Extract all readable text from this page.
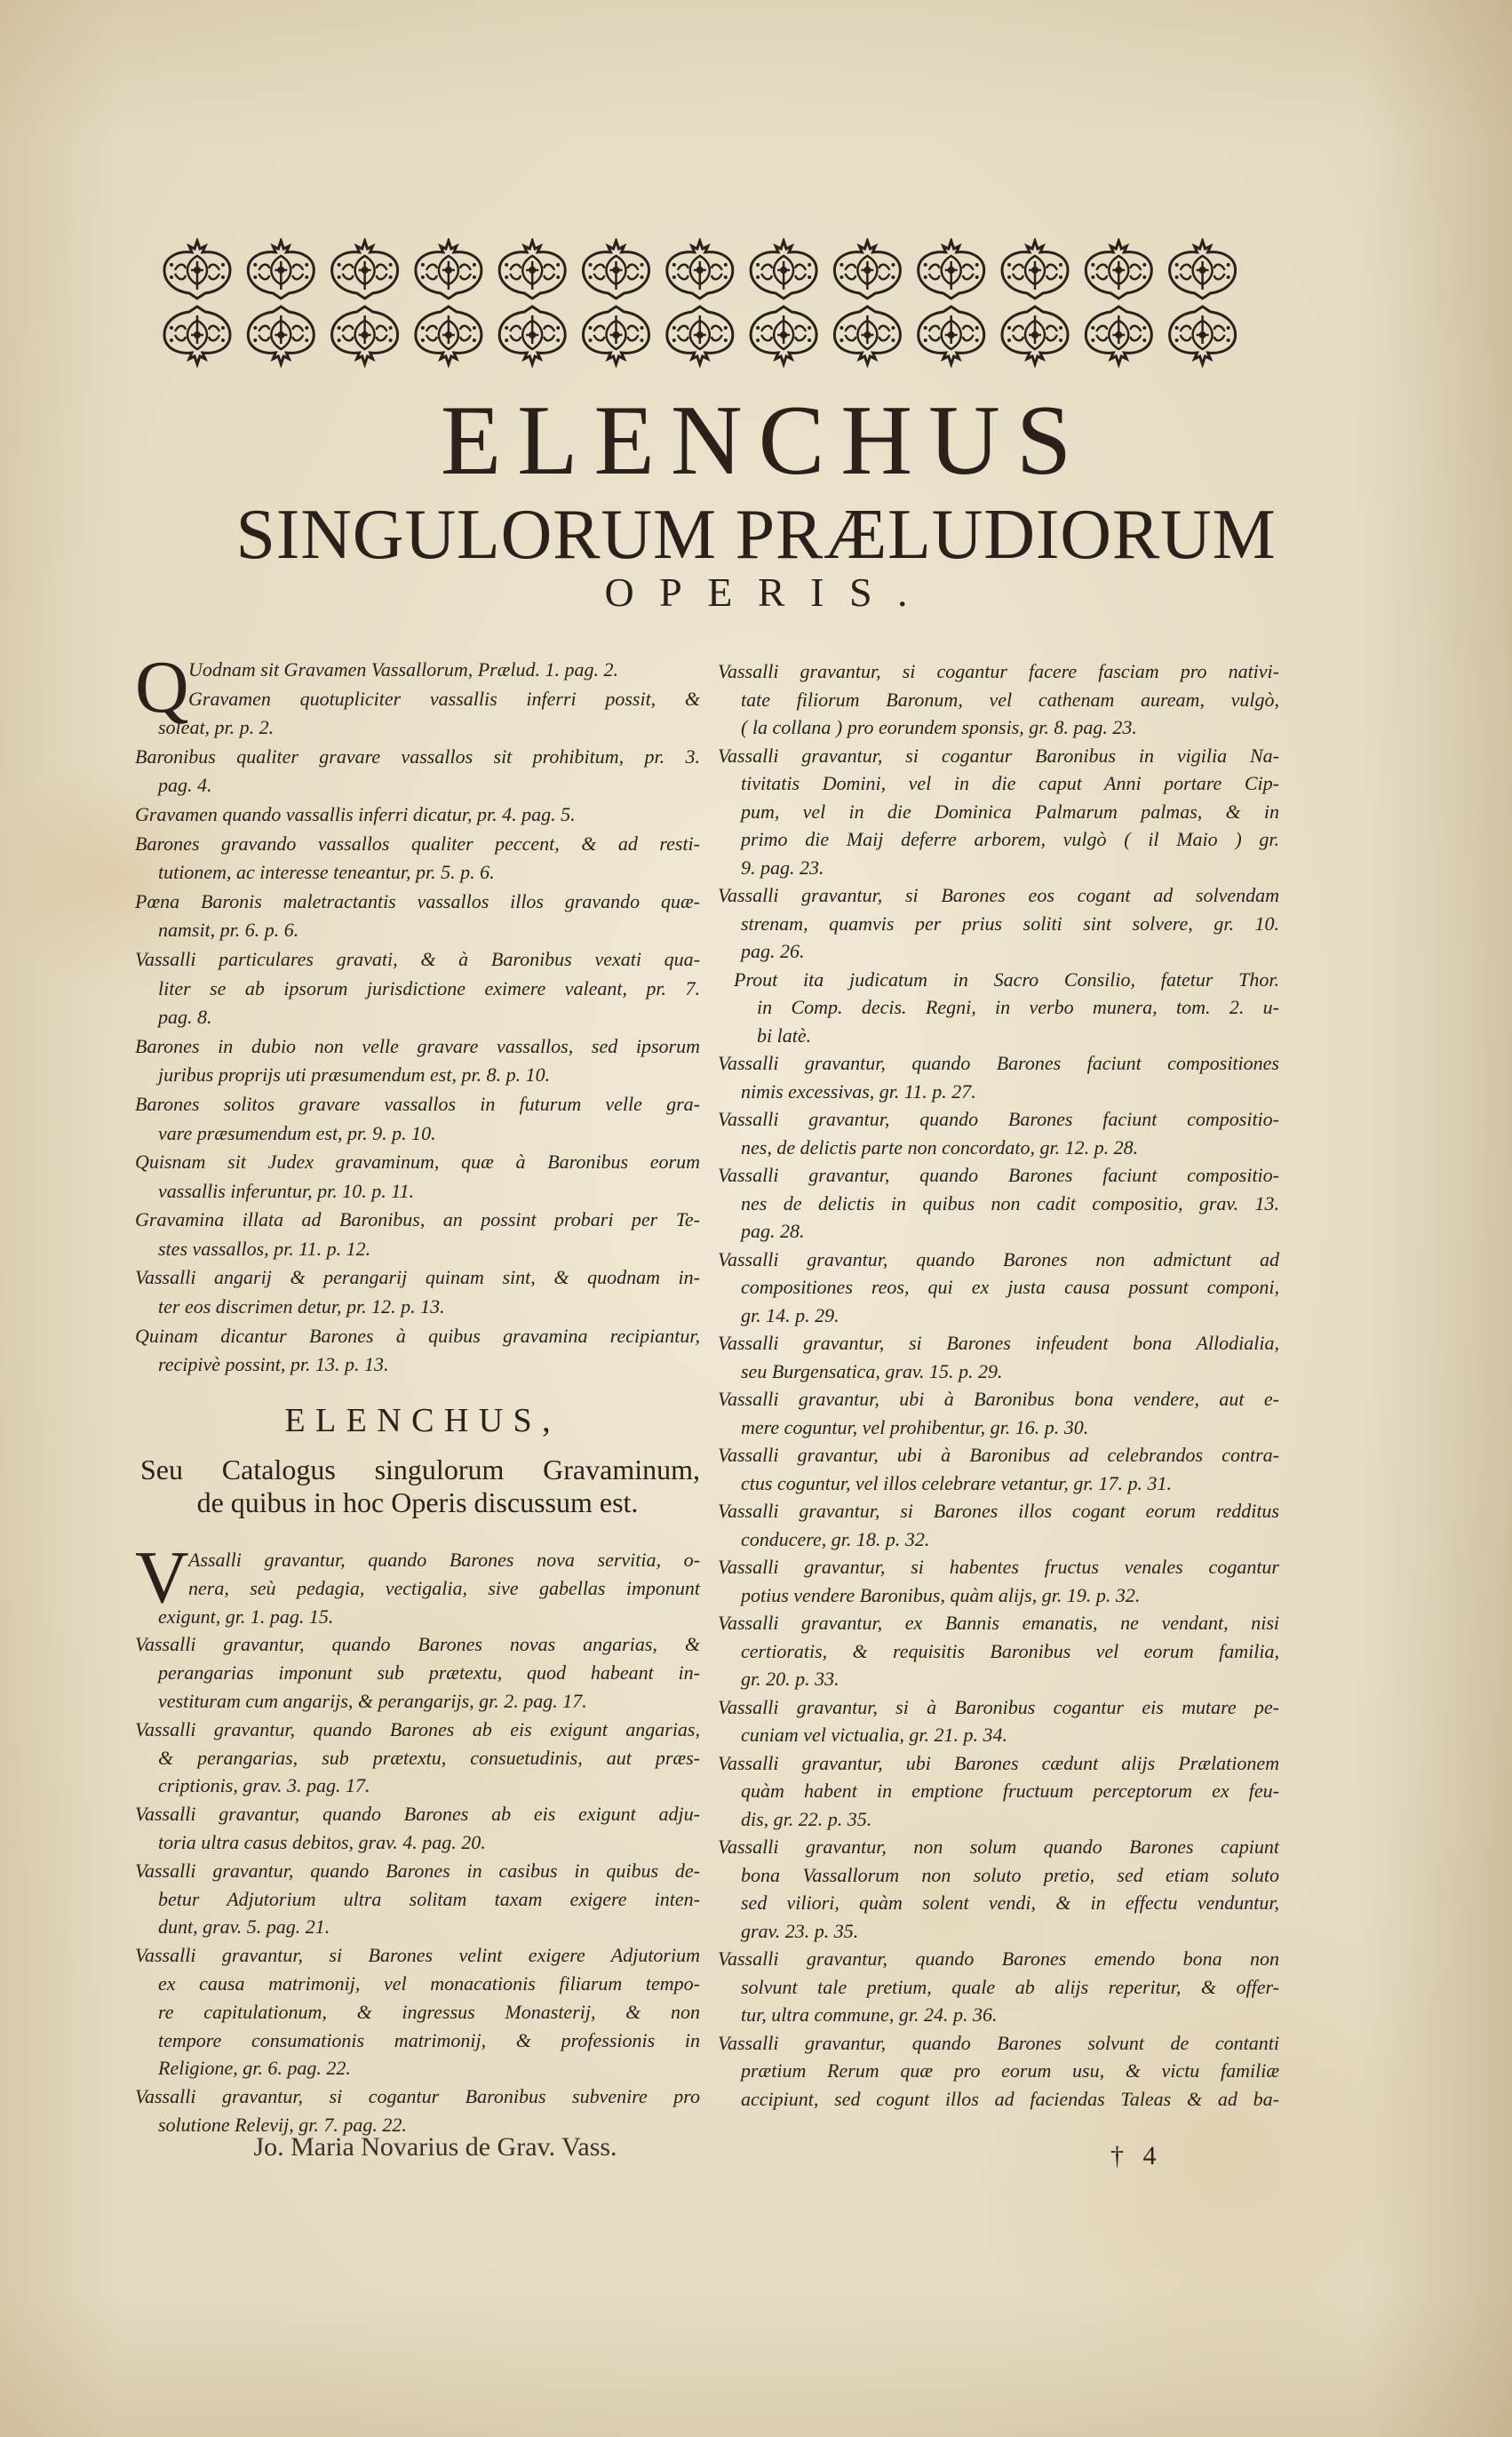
ELENCHUS
SINGULORUM PRÆLUDIORUM
OPERIS.
Q Uodnam sit Gravamen Vassallorum, Prælud. 1. pag. 2.
Gravamen quotupliciter vassallis inferri possit, &
soleat, pr. p. 2.
Baronibus qualiter gravare vassallos sit prohibitum, pr. 3.
pag. 4.
Gravamen quando vassallis inferri dicatur, pr. 4. pag. 5.
Barones gravando vassallos qualiter peccent, & ad resti-
tutionem, ac interesse teneantur, pr. 5. p. 6.
Pœna Baronis maletractantis vassallos illos gravando quæ-
namsit, pr. 6. p. 6.
Vassalli particulares gravati, & à Baronibus vexati qua-
liter se ab ipsorum jurisdictione eximere valeant, pr. 7.
pag. 8.
Barones in dubio non velle gravare vassallos, sed ipsorum
juribus proprijs uti præsumendum est, pr. 8. p. 10.
Barones solitos gravare vassallos in futurum velle gra-
vare præsumendum est, pr. 9. p. 10.
Quisnam sit Judex gravaminum, quæ à Baronibus eorum
vassallis inferuntur, pr. 10. p. 11.
Gravamina illata ad Baronibus, an possint probari per Te-
stes vassallos, pr. 11. p. 12.
Vassalli angarij & perangarij quinam sint, & quodnam in-
ter eos discrimen detur, pr. 12. p. 13.
Quinam dicantur Barones à quibus gravamina recipiantur,
recipivè possint, pr. 13. p. 13.
ELENCHUS,
Seu Catalogus singulorum Gravaminum,
de quibus in hoc Operis discussum est.
V Assalli gravantur, quando Barones nova servitia, o-
nera, seù pedagia, vectigalia, sive gabellas imponunt
exigunt, gr. 1. pag. 15.
Vassalli gravantur, quando Barones novas angarias, &
perangarias imponunt sub prætextu, quod habeant in-
vestituram cum angarijs, & perangarijs, gr. 2. pag. 17.
Vassalli gravantur, quando Barones ab eis exigunt angarias,
& perangarias, sub prætextu, consuetudinis, aut præs-
criptionis, grav. 3. pag. 17.
Vassalli gravantur, quando Barones ab eis exigunt adju-
toria ultra casus debitos, grav. 4. pag. 20.
Vassalli gravantur, quando Barones in casibus in quibus de-
betur Adjutorium ultra solitam taxam exigere inten-
dunt, grav. 5. pag. 21.
Vassalli gravantur, si Barones velint exigere Adjutorium
ex causa matrimonij, vel monacationis filiarum tempo-
re capitulationum, & ingressus Monasterij, & non
tempore consumationis matrimonij, & professionis in
Religione, gr. 6. pag. 22.
Vassalli gravantur, si cogantur Baronibus subvenire pro
solutione Relevij, gr. 7. pag. 22.
Jo. Maria Novarius de Grav. Vass.
Vassalli gravantur, si cogantur facere fasciam pro nativi-
tate filiorum Baronum, vel cathenam auream, vulgò,
( la collana ) pro eorundem sponsis, gr. 8. pag. 23.
Vassalli gravantur, si cogantur Baronibus in vigilia Na-
tivitatis Domini, vel in die caput Anni portare Cip-
pum, vel in die Dominica Palmarum palmas, & in
primo die Maij deferre arborem, vulgò ( il Maio ) gr.
9. pag. 23.
Vassalli gravantur, si Barones eos cogant ad solvendam
strenam, quamvis per prius soliti sint solvere, gr. 10.
pag. 26.
Prout ita judicatum in Sacro Consilio, fatetur Thor.
in Comp. decis. Regni, in verbo munera, tom. 2. u-
bi latè.
Vassalli gravantur, quando Barones faciunt compositiones
nimis excessivas, gr. 11. p. 27.
Vassalli gravantur, quando Barones faciunt compositio-
nes, de delictis parte non concordato, gr. 12. p. 28.
Vassalli gravantur, quando Barones faciunt compositio-
nes de delictis in quibus non cadit compositio, grav. 13.
pag. 28.
Vassalli gravantur, quando Barones non admictunt ad
compositiones reos, qui ex justa causa possunt componi,
gr. 14. p. 29.
Vassalli gravantur, si Barones infeudent bona Allodialia,
seu Burgensatica, grav. 15. p. 29.
Vassalli gravantur, ubi à Baronibus bona vendere, aut e-
mere coguntur, vel prohibentur, gr. 16. p. 30.
Vassalli gravantur, ubi à Baronibus ad celebrandos contra-
ctus coguntur, vel illos celebrare vetantur, gr. 17. p. 31.
Vassalli gravantur, si Barones illos cogant eorum redditus
conducere, gr. 18. p. 32.
Vassalli gravantur, si habentes fructus venales cogantur
potius vendere Baronibus, quàm alijs, gr. 19. p. 32.
Vassalli gravantur, ex Bannis emanatis, ne vendant, nisi
certioratis, & requisitis Baronibus vel eorum familia,
gr. 20. p. 33.
Vassalli gravantur, si à Baronibus cogantur eis mutare pe-
cuniam vel victualia, gr. 21. p. 34.
Vassalli gravantur, ubi Barones cædunt alijs Prælationem
quàm habent in emptione fructuum perceptorum ex feu-
dis, gr. 22. p. 35.
Vassalli gravantur, non solum quando Barones capiunt
bona Vassallorum non soluto pretio, sed etiam soluto
sed viliori, quàm solent vendi, & in effectu venduntur,
grav. 23. p. 35.
Vassalli gravantur, quando Barones emendo bona non
solvunt tale pretium, quale ab alijs reperitur, & offer-
tur, ultra commune, gr. 24. p. 36.
Vassalli gravantur, quando Barones solvunt de contanti
prætium Rerum quæ pro eorum usu, & victu familiæ
accipiunt, sed cogunt illos ad faciendas Taleas & ad ba-
† 4
